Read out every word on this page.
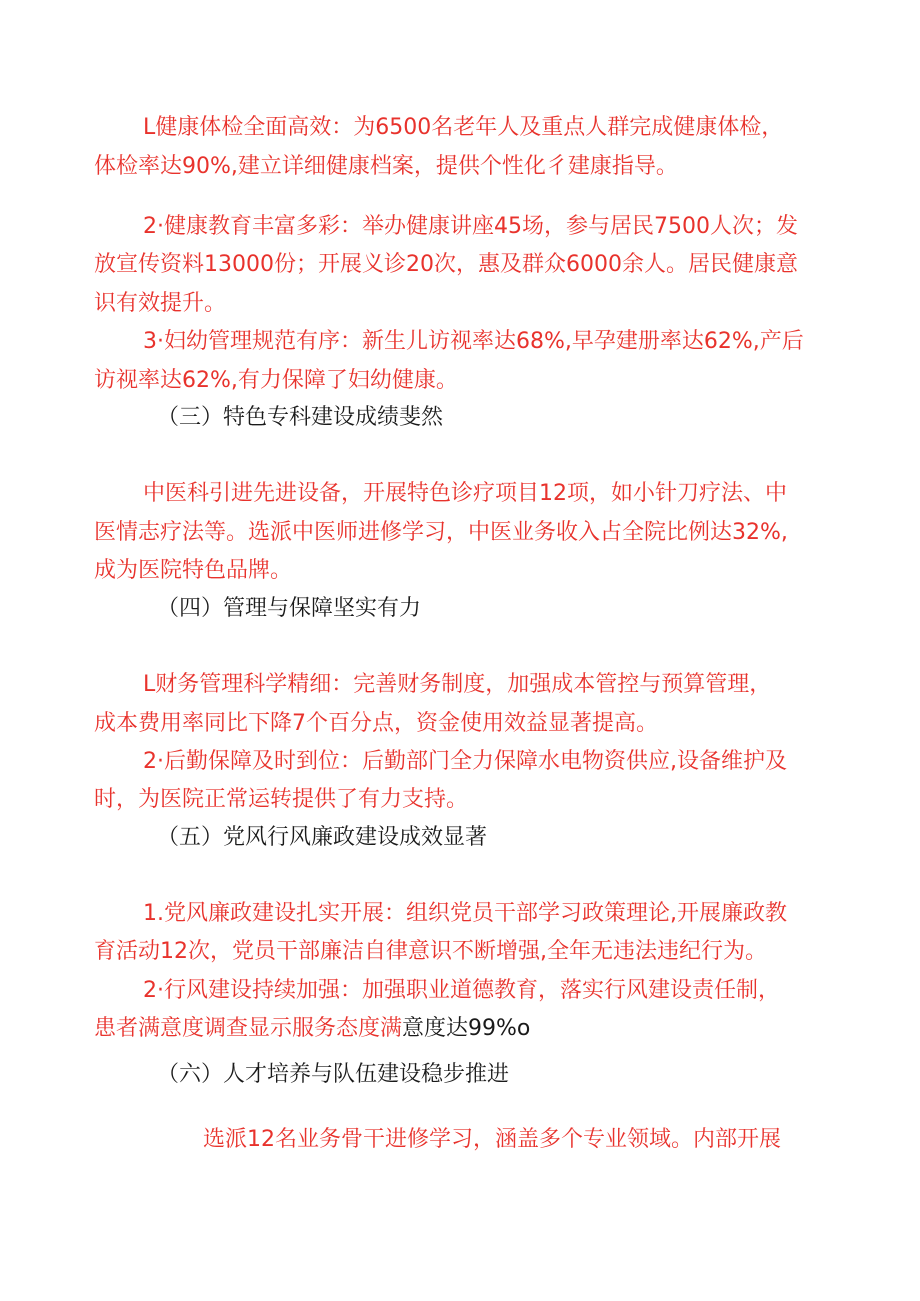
L健康体检全面高效：为6500名老年人及重点人群完成健康体检，
体检率达90%,建立详细健康档案，提供个性化彳建康指导。
2·健康教育丰富多彩：举办健康讲座45场，参与居民7500人次；发
放宣传资料13000份；开展义诊20次，惠及群众6000余人。居民健康意
识有效提升。
3·妇幼管理规范有序：新生儿访视率达68%,早孕建册率达62%,产后
访视率达62%,有力保障了妇幼健康。
（三）特色专科建设成绩斐然
中医科引进先进设备，开展特色诊疗项目12项，如小针刀疗法、中
医情志疗法等。选派中医师进修学习，中医业务收入占全院比例达32%,
成为医院特色品牌。
（四）管理与保障坚实有力
L财务管理科学精细：完善财务制度，加强成本管控与预算管理，
成本费用率同比下降7个百分点，资金使用效益显著提高。
2·后勤保障及时到位：后勤部门全力保障水电物资供应,设备维护及
时，为医院正常运转提供了有力支持。
（五）党风行风廉政建设成效显著
1.党风廉政建设扎实开展：组织党员干部学习政策理论,开展廉政教
育活动12次，党员干部廉洁自律意识不断增强,全年无违法违纪行为。
2·行风建设持续加强：加强职业道德教育，落实行风建设责任制，
患者满意度调查显示服务态度满意度达99%o
（六）人才培养与队伍建设稳步推进
选派12名业务骨干进修学习，涵盖多个专业领域。内部开展
